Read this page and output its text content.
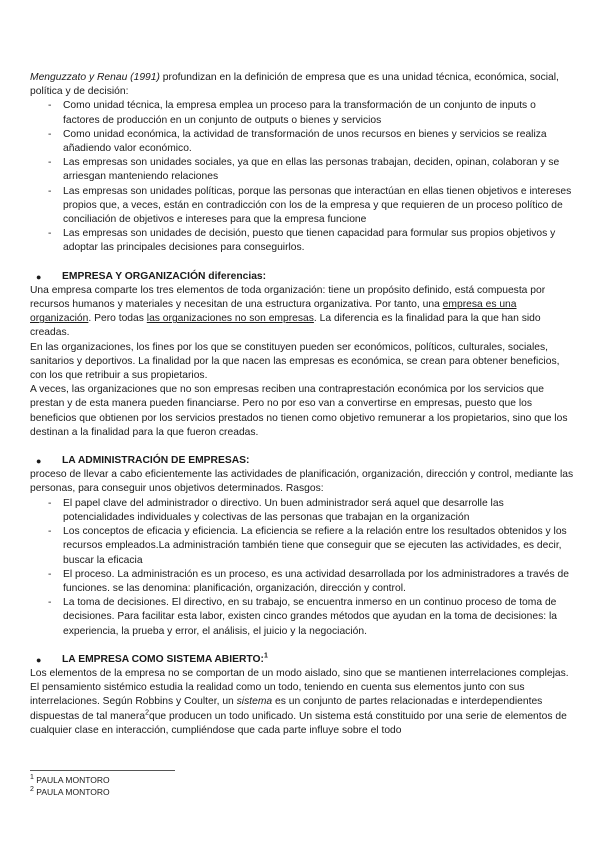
Menguzzato y Renau (1991) profundizan en la definición de empresa que es una unidad técnica, económica, social, política y de decisión:

- Como unidad técnica, la empresa emplea un proceso para la transformación de un conjunto de inputs o factores de producción en un conjunto de outputs o bienes y servicios
- Como unidad económica, la actividad de transformación de unos recursos en bienes y servicios se realiza añadiendo valor económico.
- Las empresas son unidades sociales, ya que en ellas las personas trabajan, deciden, opinan, colaboran y se arriesgan manteniendo relaciones
- Las empresas son unidades políticas, porque las personas que interactúan en ellas tienen objetivos e intereses propios que, a veces, están en contradicción con los de la empresa y que requieren de un proceso político de conciliación de objetivos e intereses para que la empresa funcione
- Las empresas son unidades de decisión, puesto que tienen capacidad para formular sus propios objetivos y adoptar las principales decisiones para conseguirlos.
● EMPRESA Y ORGANIZACIÓN diferencias:

Una empresa comparte los tres elementos de toda organización: tiene un propósito definido, está compuesta por recursos humanos y materiales y necesitan de una estructura organizativa. Por tanto, una empresa es una organización. Pero todas las organizaciones no son empresas. La diferencia es la finalidad para la que han sido creadas.

En las organizaciones, los fines por los que se constituyen pueden ser económicos, políticos, culturales, sociales, sanitarios y deportivos. La finalidad por la que nacen las empresas es económica, se crean para obtener beneficios, con los que retribuir a sus propietarios.

A veces, las organizaciones que no son empresas reciben una contraprestación económica por los servicios que prestan y de esta manera pueden financiarse. Pero no por eso van a convertirse en empresas, puesto que los beneficios que obtienen por los servicios prestados no tienen como objetivo remunerar a los propietarios, sino que los destinan a la finalidad para la que fueron creadas.

● LA ADMINISTRACIÓN DE EMPRESAS:

proceso de llevar a cabo eficientemente las actividades de planificación, organización, dirección y control, mediante las personas, para conseguir unos objetivos determinados. Rasgos:

- El papel clave del administrador o directivo. Un buen administrador será aquel que desarrolle las potencialidades individuales y colectivas de las personas que trabajan en la organización
- Los conceptos de eficacia y eficiencia. La eficiencia se refiere a la relación entre los resultados obtenidos y los recursos empleados.La administración también tiene que conseguir que se ejecuten las actividades, es decir, buscar la eficacia
- El proceso. La administración es un proceso, es una actividad desarrollada por los administradores a través de funciones. se las denomina: planificación, organización, dirección y control.
- La toma de decisiones. El directivo, en su trabajo, se encuentra inmerso en un continuo proceso de toma de decisiones. Para facilitar esta labor, existen cinco grandes métodos que ayudan en la toma de decisiones: la experiencia, la prueba y error, el análisis, el juicio y la negociación.
● LA EMPRESA COMO SISTEMA ABIERTO:$^1$

Los elementos de la empresa no se comportan de un modo aislado, sino que se mantienen interrelaciones complejas. El pensamiento sistémico estudia la realidad como un todo, teniendo en cuenta sus elementos junto con sus interrelaciones. Según Robbins y Coulter, un sistema es un conjunto de partes relacionadas e interdependientes dispuestas de tal manera$^2$que producen un todo unificado. Un sistema está constituido por una serie de elementos de cualquier clase en interacción, cumpliéndose que cada parte influye sobre el todo

$^1$ PAULA MONTORO
$^2$ PAULA MONTORO
